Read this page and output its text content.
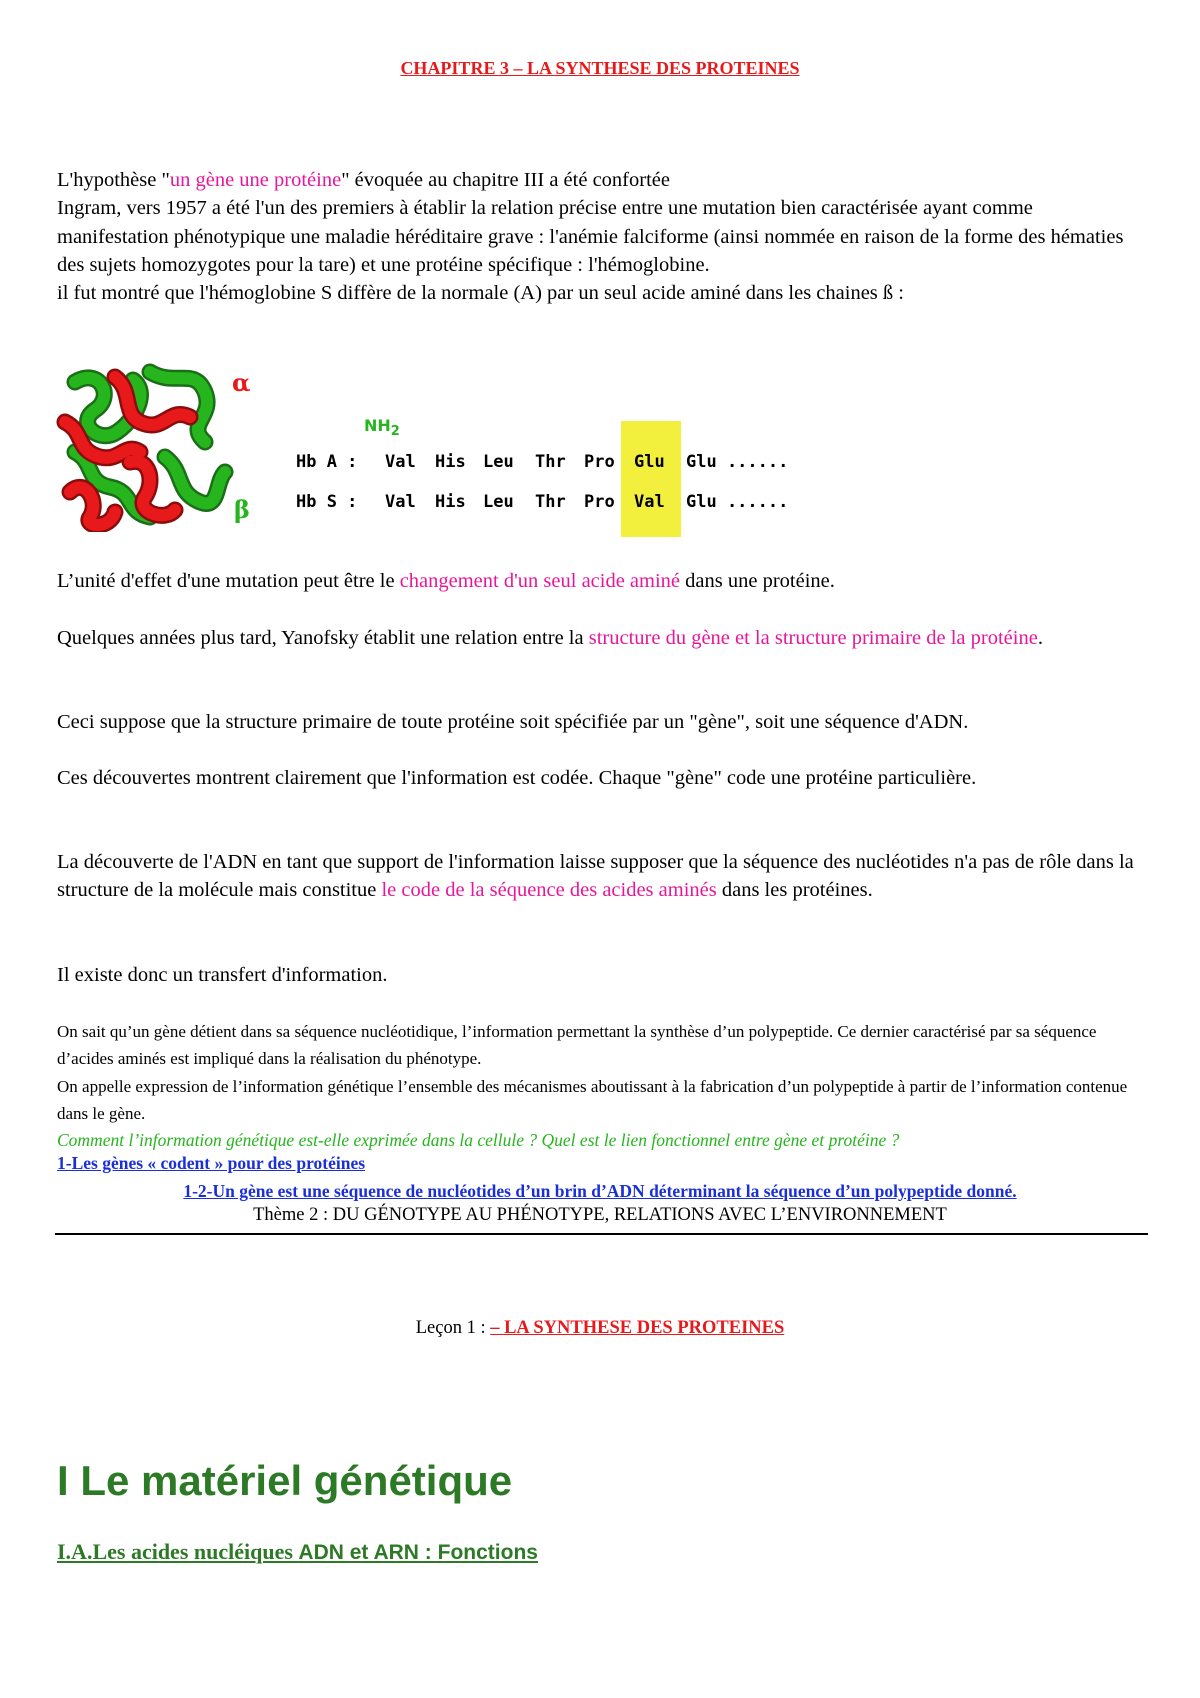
CHAPITRE 3 – LA SYNTHESE DES PROTEINES
L'hypothèse "un gène une protéine" évoquée au chapitre III a été confortée
Ingram, vers 1957 a été l'un des premiers à établir la relation précise entre une mutation bien caractérisée ayant comme manifestation phénotypique une maladie héréditaire grave : l'anémie falciforme (ainsi nommée en raison de la forme des hématies des sujets homozygotes pour la tare) et une protéine spécifique : l'hémoglobine.
il fut montré que l'hémoglobine S diffère de la normale (A) par un seul acide aminé dans les chaines ß :
α
β
$NH_2$
Hb A : Val His Leu Thr Pro Glu Glu ......
Hb S : Val His Leu Thr Pro Val Glu ......
L’unité d'effet d'une mutation peut être le changement d'un seul acide aminé dans une protéine.
Quelques années plus tard, Yanofsky établit une relation entre la structure du gène et la structure primaire de la protéine.
Ceci suppose que la structure primaire de toute protéine soit spécifiée par un "gène", soit une séquence d'ADN.
Ces découvertes montrent clairement que l'information est codée. Chaque "gène" code une protéine particulière.
La découverte de l'ADN en tant que support de l'information laisse supposer que la séquence des nucléotides n'a pas de rôle dans la structure de la molécule mais constitue le code de la séquence des acides aminés dans les protéines.
Il existe donc un transfert d'information.
On sait qu’un gène détient dans sa séquence nucléotidique, l’information permettant la synthèse d’un polypeptide. Ce dernier caractérisé par sa séquence d’acides aminés est impliqué dans la réalisation du phénotype.
On appelle expression de l’information génétique l’ensemble des mécanismes aboutissant à la fabrication d’un polypeptide à partir de l’information contenue dans le gène.
Comment l’information génétique est-elle exprimée dans la cellule ? Quel est le lien fonctionnel entre gène et protéine ?
1-Les gènes « codent » pour des protéines
1-2-Un gène est une séquence de nucléotides d’un brin d’ADN déterminant la séquence d’un polypeptide donné.
Thème 2 : DU GÉNOTYPE AU PHÉNOTYPE, RELATIONS AVEC L’ENVIRONNEMENT
Leçon 1 : – LA SYNTHESE DES PROTEINES
I Le matériel génétique
I.A.Les acides nucléiques ADN et ARN : Fonctions
